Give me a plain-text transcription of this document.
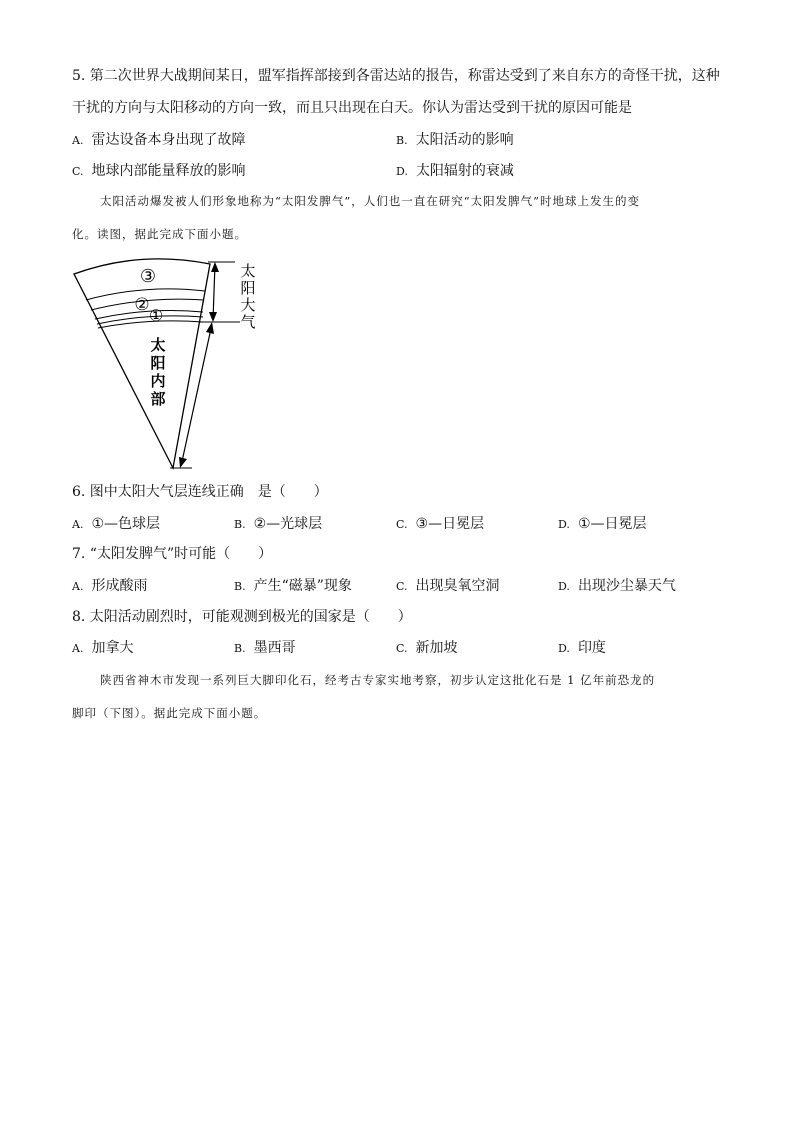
5. 第二次世界大战期间某日，盟军指挥部接到各雷达站的报告，称雷达受到了来自东方的奇怪干扰，这种
干扰的方向与太阳移动的方向一致，而且只出现在白天。你认为雷达受到干扰的原因可能是
A. 雷达设备本身出现了故障	B. 太阳活动的影响
C. 地球内部能量释放的影响	D. 太阳辐射的衰减
太阳活动爆发被人们形象地称为“太阳发脾气”，人们也一直在研究“太阳发脾气”时地球上发生的变
化。读图，据此完成下面小题。
③
②
①
太
阳
内
部
太
阳
大
气
6. 图中太阳大气层连线正确　是（　　）
A. ①—色球层	B. ②—光球层	C. ③—日冕层	D. ①—日冕层
7. “太阳发脾气”时可能（　　）
A. 形成酸雨	B. 产生“磁暴”现象	C. 出现臭氧空洞	D. 出现沙尘暴天气
8. 太阳活动剧烈时，可能观测到极光的国家是（　　）
A. 加拿大	B. 墨西哥	C. 新加坡	D. 印度
陕西省神木市发现一系列巨大脚印化石，经考古专家实地考察，初步认定这批化石是 1 亿年前恐龙的
脚印（下图）。据此完成下面小题。
